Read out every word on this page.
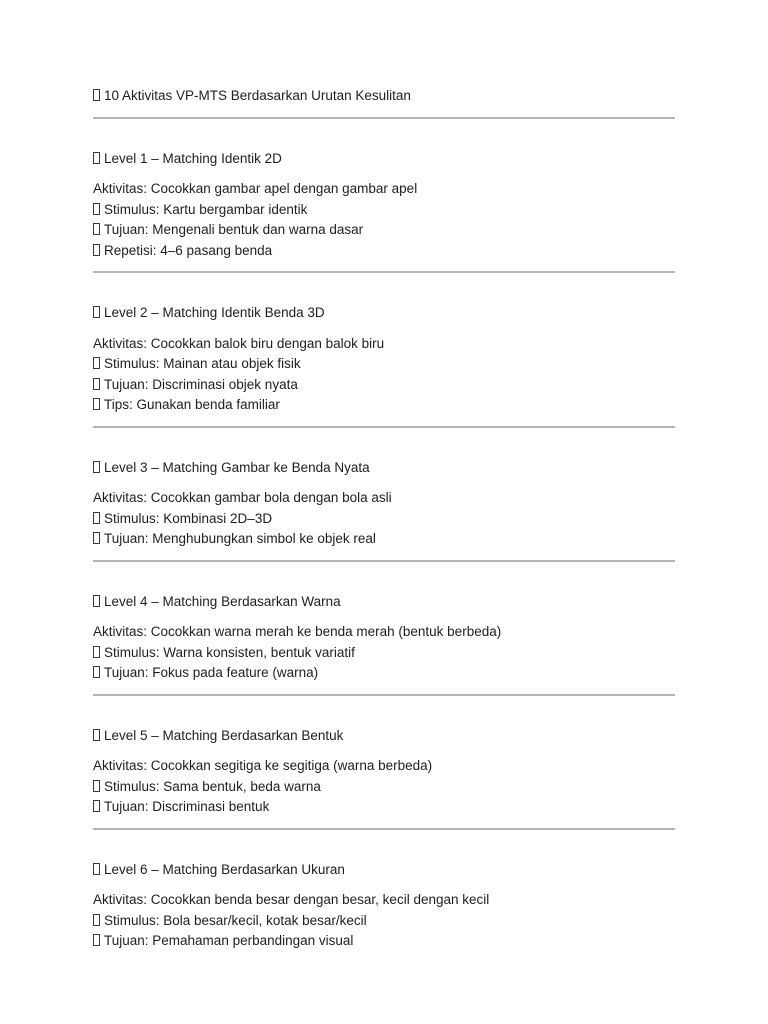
10 Aktivitas VP-MTS Berdasarkan Urutan Kesulitan
Level 1 – Matching Identik 2D
Aktivitas: Cocokkan gambar apel dengan gambar apel
Stimulus: Kartu bergambar identik
Tujuan: Mengenali bentuk dan warna dasar
Repetisi: 4–6 pasang benda
Level 2 – Matching Identik Benda 3D
Aktivitas: Cocokkan balok biru dengan balok biru
Stimulus: Mainan atau objek fisik
Tujuan: Discriminasi objek nyata
Tips: Gunakan benda familiar
Level 3 – Matching Gambar ke Benda Nyata
Aktivitas: Cocokkan gambar bola dengan bola asli
Stimulus: Kombinasi 2D–3D
Tujuan: Menghubungkan simbol ke objek real
Level 4 – Matching Berdasarkan Warna
Aktivitas: Cocokkan warna merah ke benda merah (bentuk berbeda)
Stimulus: Warna konsisten, bentuk variatif
Tujuan: Fokus pada feature (warna)
Level 5 – Matching Berdasarkan Bentuk
Aktivitas: Cocokkan segitiga ke segitiga (warna berbeda)
Stimulus: Sama bentuk, beda warna
Tujuan: Discriminasi bentuk
Level 6 – Matching Berdasarkan Ukuran
Aktivitas: Cocokkan benda besar dengan besar, kecil dengan kecil
Stimulus: Bola besar/kecil, kotak besar/kecil
Tujuan: Pemahaman perbandingan visual
